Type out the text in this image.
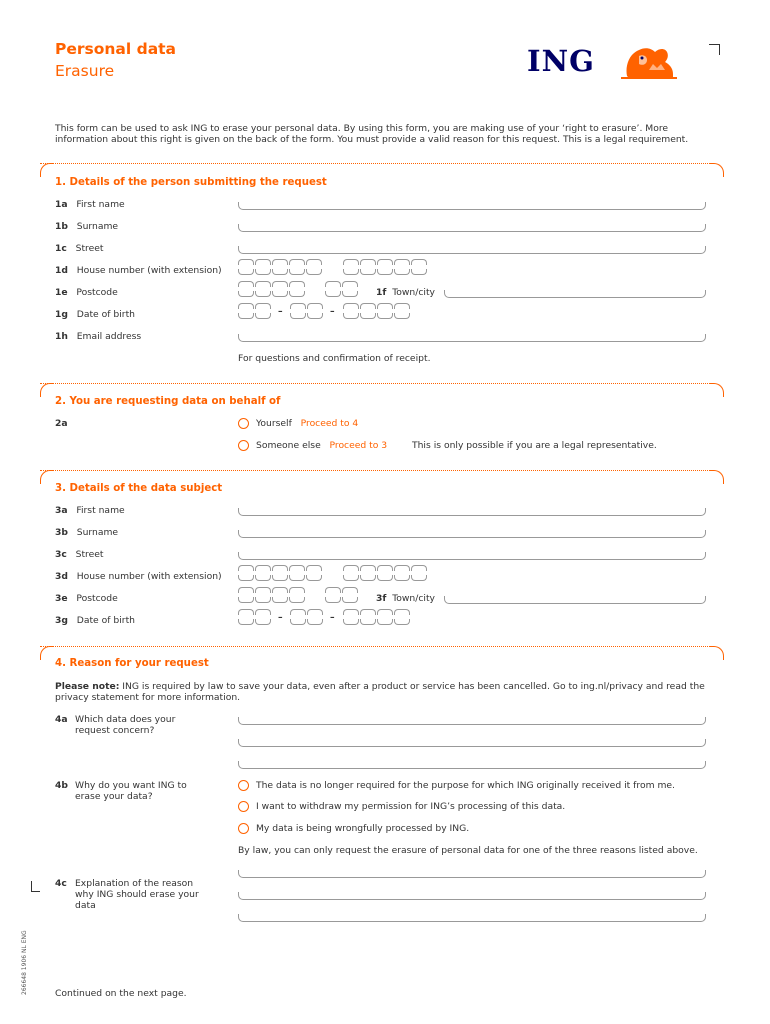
Personal data
Erasure	ING
This form can be used to ask ING to erase your personal data. By using this form, you are making use of your ‘right to erasure’. More information about this right is given on the back of the form. You must provide a valid reason for this request. This is a legal requirement.
1. Details of the person submitting the request
1a First name
1b Surname
1c Street
1d House number (with extension)
1e Postcode	1f Town/city
1g Date of birth	–	–
1h Email address
For questions and confirmation of receipt.
2. You are requesting data on behalf of
2a	Yourself Proceed to 4
Someone else Proceed to 3	This is only possible if you are a legal representative.
3. Details of the data subject
3a First name
3b Surname
3c Street
3d House number (with extension)
3e Postcode	3f Town/city
3g Date of birth	–	–
4. Reason for your request
Please note: ING is required by law to save your data, even after a product or service has been cancelled. Go to ing.nl/privacy and read the privacy statement for more information.
4a Which data does your request concern?
4b Why do you want ING to erase your data?
The data is no longer required for the purpose for which ING originally received it from me.
I want to withdraw my permission for ING’s processing of this data.
My data is being wrongfully processed by ING.
By law, you can only request the erasure of personal data for one of the three reasons listed above.
4c Explanation of the reason why ING should erase your data
266648 1906 NL ENG	Continued on the next page.
